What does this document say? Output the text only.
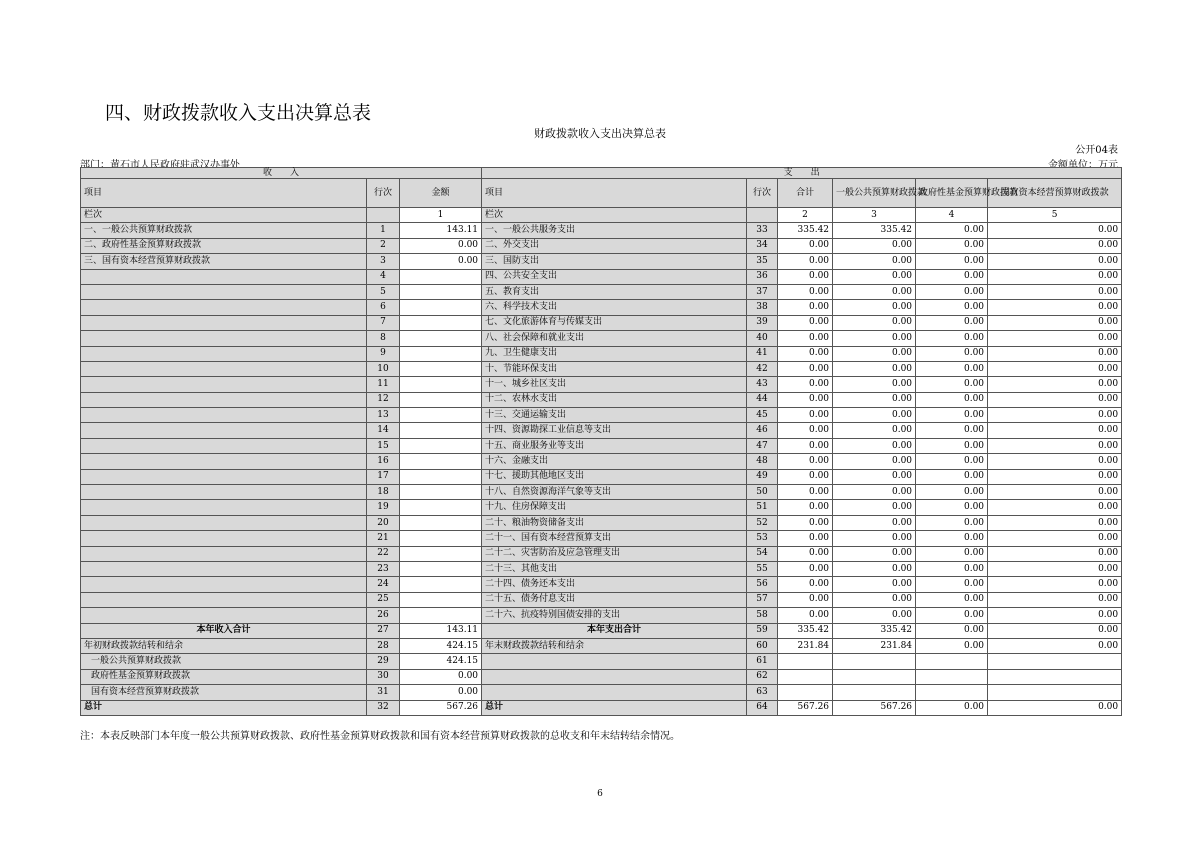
四、财政拨款收入支出决算总表
财政拨款收入支出决算总表
公开04表
部门：黄石市人民政府驻武汉办事处	金额单位：万元
收　　入			支　　出					
项目	行次	金额	项目	行次	合计	一般公共预算财政拨款	政府性基金预算财政拨款	国有资本经营预算财政拨款
栏次		1	栏次		2	3	4	5
一、一般公共预算财政拨款	1	143.11	一、一般公共服务支出	33	335.42	335.42	0.00	0.00
二、政府性基金预算财政拨款	2	0.00	二、外交支出	34	0.00	0.00	0.00	0.00
三、国有资本经营预算财政拨款	3	0.00	三、国防支出	35	0.00	0.00	0.00	0.00
	4		四、公共安全支出	36	0.00	0.00	0.00	0.00
	5		五、教育支出	37	0.00	0.00	0.00	0.00
	6		六、科学技术支出	38	0.00	0.00	0.00	0.00
	7		七、文化旅游体育与传媒支出	39	0.00	0.00	0.00	0.00
	8		八、社会保障和就业支出	40	0.00	0.00	0.00	0.00
	9		九、卫生健康支出	41	0.00	0.00	0.00	0.00
	10		十、节能环保支出	42	0.00	0.00	0.00	0.00
	11		十一、城乡社区支出	43	0.00	0.00	0.00	0.00
	12		十二、农林水支出	44	0.00	0.00	0.00	0.00
	13		十三、交通运输支出	45	0.00	0.00	0.00	0.00
	14		十四、资源勘探工业信息等支出	46	0.00	0.00	0.00	0.00
	15		十五、商业服务业等支出	47	0.00	0.00	0.00	0.00
	16		十六、金融支出	48	0.00	0.00	0.00	0.00
	17		十七、援助其他地区支出	49	0.00	0.00	0.00	0.00
	18		十八、自然资源海洋气象等支出	50	0.00	0.00	0.00	0.00
	19		十九、住房保障支出	51	0.00	0.00	0.00	0.00
	20		二十、粮油物资储备支出	52	0.00	0.00	0.00	0.00
	21		二十一、国有资本经营预算支出	53	0.00	0.00	0.00	0.00
	22		二十二、灾害防治及应急管理支出	54	0.00	0.00	0.00	0.00
	23		二十三、其他支出	55	0.00	0.00	0.00	0.00
	24		二十四、债务还本支出	56	0.00	0.00	0.00	0.00
	25		二十五、债务付息支出	57	0.00	0.00	0.00	0.00
	26		二十六、抗疫特别国债安排的支出	58	0.00	0.00	0.00	0.00
本年收入合计	27	143.11	本年支出合计	59	335.42	335.42	0.00	0.00
年初财政拨款结转和结余	28	424.15	年末财政拨款结转和结余	60	231.84	231.84	0.00	0.00
一般公共预算财政拨款	29	424.15		61				
政府性基金预算财政拨款	30	0.00		62				
国有资本经营预算财政拨款	31	0.00		63				
总计	32	567.26	总计	64	567.26	567.26	0.00	0.00
注：本表反映部门本年度一般公共预算财政拨款、政府性基金预算财政拨款和国有资本经营预算财政拨款的总收支和年末结转结余情况。
6
